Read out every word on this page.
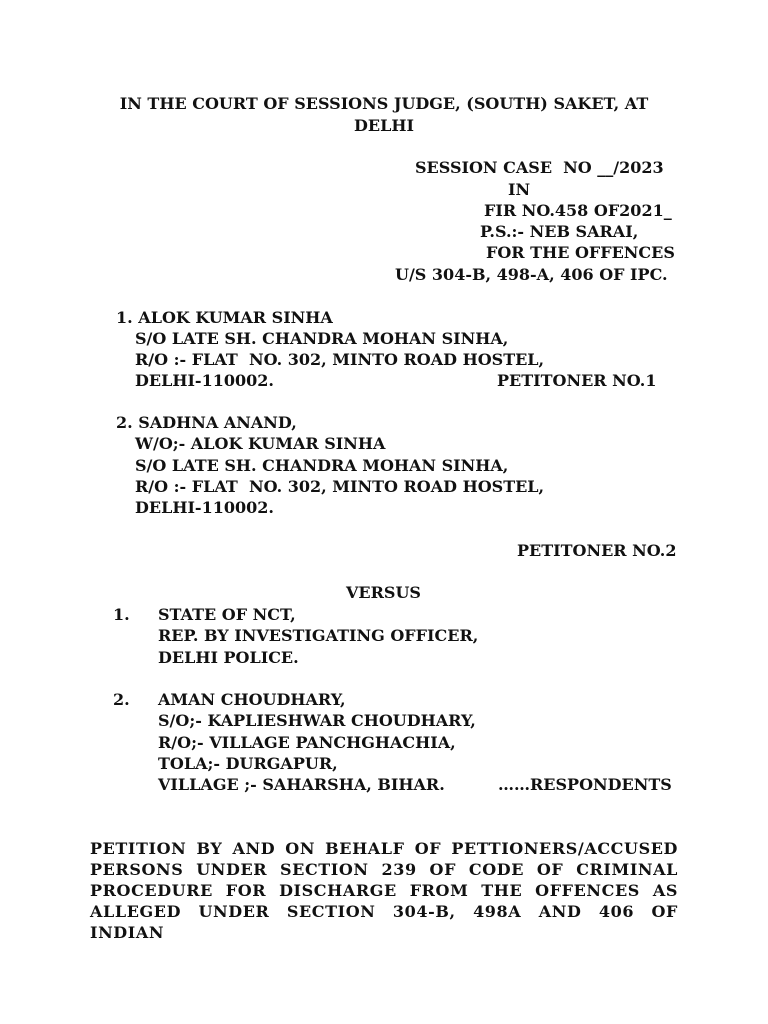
IN THE COURT OF SESSIONS JUDGE, (SOUTH) SAKET, AT
DELHI
SESSION CASE  NO __/2023
IN
FIR NO.458 OF2021_
P.S.:- NEB SARAI,
FOR THE OFFENCES
U/S 304-B, 498-A, 406 OF IPC.
1. ALOK KUMAR SINHA
S/O LATE SH. CHANDRA MOHAN SINHA,
R/O :- FLAT  NO. 302, MINTO ROAD HOSTEL,
DELHI-110002.	PETITONER NO.1
2. SADHNA ANAND,
W/O;- ALOK KUMAR SINHA
S/O LATE SH. CHANDRA MOHAN SINHA,
R/O :- FLAT  NO. 302, MINTO ROAD HOSTEL,
DELHI-110002.
PETITONER NO.2
VERSUS
1. STATE OF NCT,
REP. BY INVESTIGATING OFFICER,
DELHI POLICE.
2. AMAN CHOUDHARY,
S/O;- KAPLIESHWAR CHOUDHARY,
R/O;- VILLAGE PANCHGHACHIA,
TOLA;- DURGAPUR,
VILLAGE ;- SAHARSHA, BIHAR.	……RESPONDENTS
PETITION BY AND ON BEHALF OF PETTIONERS/ACCUSED
PERSONS UNDER SECTION 239 OF CODE OF CRIMINAL
PROCEDURE FOR DISCHARGE FROM THE OFFENCES AS
ALLEGED UNDER SECTION 304-B, 498A AND 406 OF INDIAN
